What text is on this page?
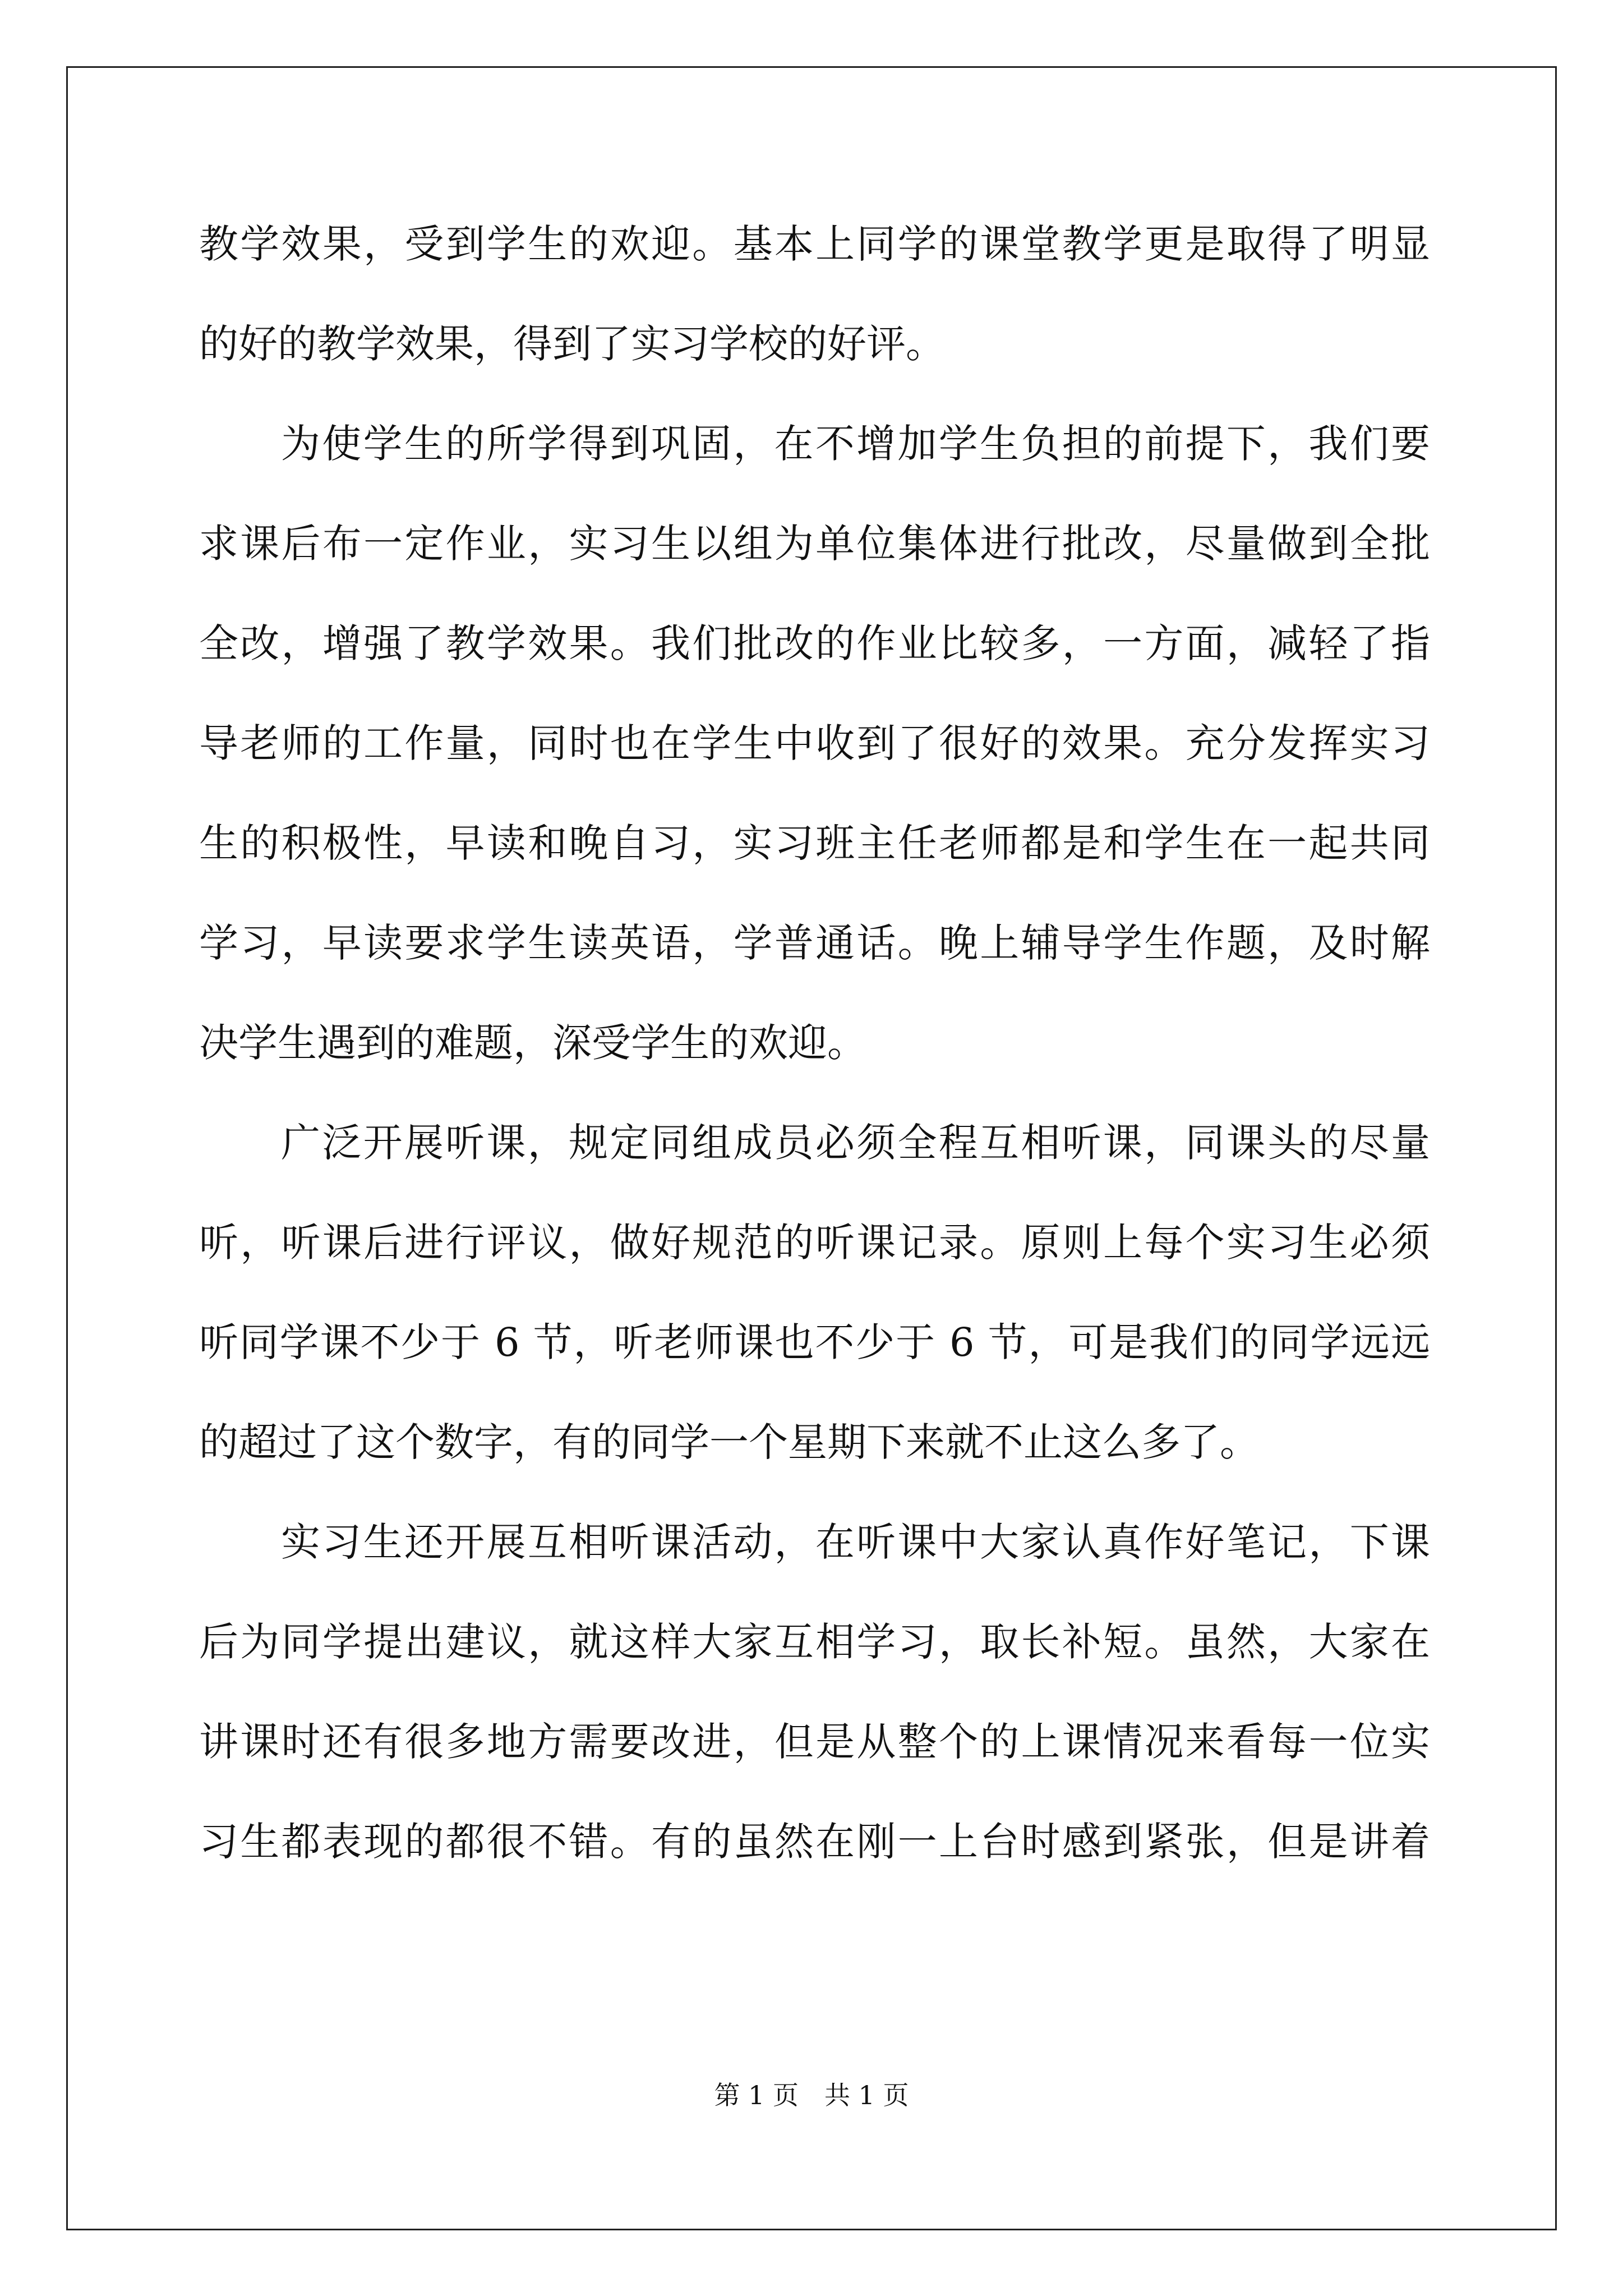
教学效果，受到学生的欢迎。基本上同学的课堂教学更是取得了明显
的好的教学效果，得到了实习学校的好评。
为使学生的所学得到巩固，在不增加学生负担的前提下，我们要
求课后布一定作业，实习生以组为单位集体进行批改，尽量做到全批
全改，增强了教学效果。我们批改的作业比较多，一方面，减轻了指
导老师的工作量，同时也在学生中收到了很好的效果。充分发挥实习
生的积极性，早读和晚自习，实习班主任老师都是和学生在一起共同
学习，早读要求学生读英语，学普通话。晚上辅导学生作题，及时解
决学生遇到的难题，深受学生的欢迎。
广泛开展听课，规定同组成员必须全程互相听课，同课头的尽量
听，听课后进行评议，做好规范的听课记录。原则上每个实习生必须
听同学课不少于 6 节，听老师课也不少于 6 节，可是我们的同学远远
的超过了这个数字，有的同学一个星期下来就不止这么多了。
实习生还开展互相听课活动，在听课中大家认真作好笔记，下课
后为同学提出建议，就这样大家互相学习，取长补短。虽然，大家在
讲课时还有很多地方需要改进，但是从整个的上课情况来看每一位实
习生都表现的都很不错。有的虽然在刚一上台时感到紧张，但是讲着
第 1 页　共 1 页
